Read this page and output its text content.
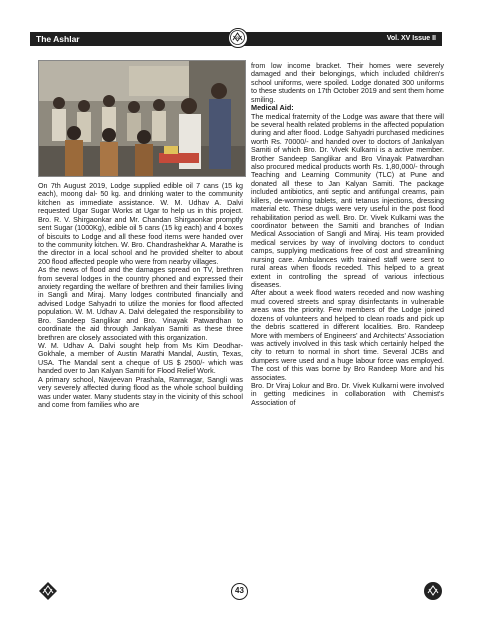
The Ashlar	Vol. XV Issue II
G

On 7th August 2019, Lodge supplied edible oil 7 cans (15 kg each), moong dal- 50 kg. and drinking water to the community kitchen as immediate assistance. W. M. Udhav A. Dalvi requested Ugar Sugar Works at Ugar to help us in this project. Bro. R. V. Shirgaonkar and Mr. Chandan Shirgaonkar promptly sent Sugar (1000Kg), edible oil 5 cans (15 kg each) and 4 boxes of biscuits to Lodge and all these food items were handed over to the community kitchen. W. Bro. Chandrashekhar A. Marathe is the director in a local school and he provided shelter to about 200 flood affected people who were from nearby villages.

As the news of flood and the damages spread on TV, brethren from several lodges in the country phoned and expressed their anxiety regarding the welfare of brethren and their families living in Sangli and Miraj. Many lodges contributed financially and advised Lodge Sahyadri to utilize the monies for flood affected population. W. M. Udhav A. Dalvi delegated the responsibility to Bro. Sandeep Sanglikar and Bro. Vinayak Patwardhan to coordinate the aid through Jankalyan Samiti as these three brethren are closely associated with this organization.

W. M. Udhav A. Dalvi sought help from Ms Kim Deodhar-Gokhale, a member of Austin Marathi Mandal, Austin, Texas, USA. The Mandal sent a cheque of US $ 2500/- which was handed over to Jan Kalyan Samiti for Flood Relief Work.

A primary school, Navjeevan Prashala, Ramnagar, Sangli was very severely affected during flood as the whole school building was under water. Many students stay in the vicinity of this school and come from families who are

from low income bracket. Their homes were severely damaged and their belongings, which included children's school uniforms, were spoiled. Lodge donated 300 uniforms to these students on 17th October 2019 and sent them home smiling.

Medical Aid:

The medical fraternity of the Lodge was aware that there will be several health related problems in the affected population during and after flood. Lodge Sahyadri purchased medicines worth Rs. 70000/- and handed over to doctors of Jankalyan Samiti of which Bro. Dr. Vivek Kulkarni is a active member. Brother Sandeep Sanglikar and Bro Vinayak Patwardhan also procured medical products worth Rs. 1,80,000/- through Teaching and Learning Community (TLC) at Pune and donated all these to Jan Kalyan Samiti. The package included antibiotics, anti septic and antifungal creams, pain killers, de-worming tablets, anti tetanus injections, dressing material etc. These drugs were very useful in the post flood rehabilitation period as well. Bro. Dr. Vivek Kulkarni was the coordinator between the Samiti and branches of Indian Medical Association of Sangli and Miraj. His team provided medical services by way of involving doctors to conduct camps, supplying medications free of cost and streamlining nursing care. Ambulances with trained staff were sent to rural areas when floods receded. This helped to a great extent in controlling the spread of various infectious diseases.

After about a week flood waters receded and now washing mud covered streets and spray disinfectants in vulnerable areas was the priority. Few members of the Lodge joined dozens of volunteers and helped to clean roads and pick up the debris scattered in different localities. Bro. Randeep More with members of Engineers' and Architects' Association was actively involved in this task which certainly helped the city to return to normal in short time. Several JCBs and dumpers were used and a huge labour force was employed. The cost of this was borne by Bro Randeep More and his associates.

Bro. Dr Viraj Lokur and Bro. Dr. Vivek Kulkarni were involved in getting medicines in collaboration with Chemist's Association of

43
